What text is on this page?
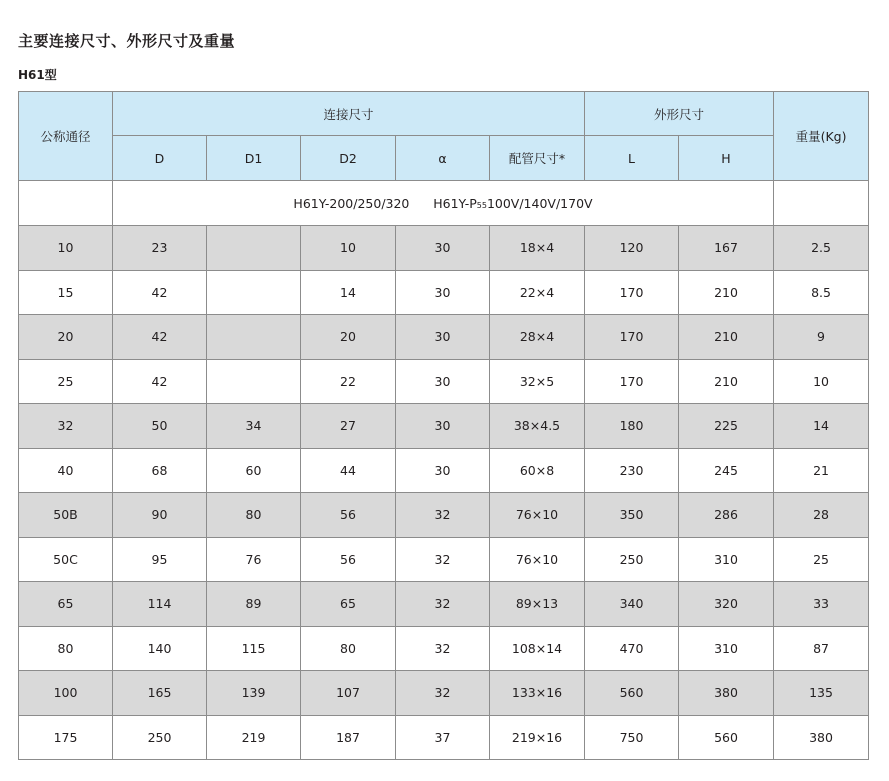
主要连接尺寸、外形尺寸及重量
H61型
公称通径	连接尺寸					外形尺寸		重量(Kg)
	D	D1	D2	α	配管尺寸*	L	H	
	H61Y-200/250/320 H61Y-P55100V/140V/170V							
10	23		10	30	18×4	120	167	2.5
15	42		14	30	22×4	170	210	8.5
20	42		20	30	28×4	170	210	9
25	42		22	30	32×5	170	210	10
32	50	34	27	30	38×4.5	180	225	14
40	68	60	44	30	60×8	230	245	21
50B	90	80	56	32	76×10	350	286	28
50C	95	76	56	32	76×10	250	310	25
65	114	89	65	32	89×13	340	320	33
80	140	115	80	32	108×14	470	310	87
100	165	139	107	32	133×16	560	380	135
175	250	219	187	37	219×16	750	560	380
